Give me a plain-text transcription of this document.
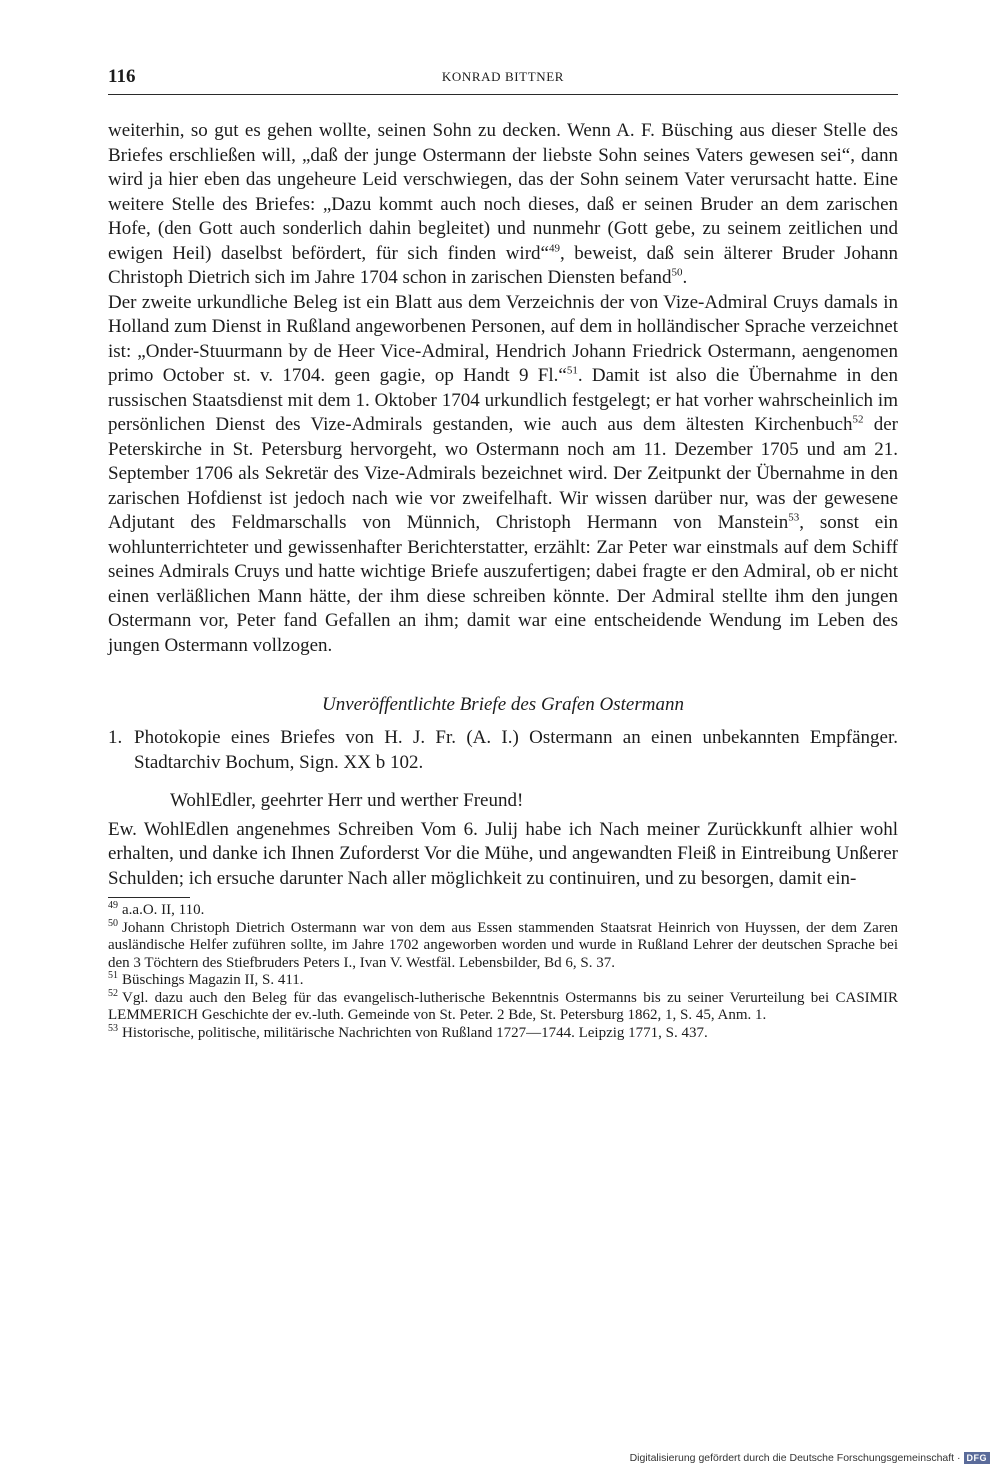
116	KONRAD BITTNER

weiterhin, so gut es gehen wollte, seinen Sohn zu decken. Wenn A. F. Büsching aus dieser Stelle des Briefes erschließen will, „daß der junge Ostermann der liebste Sohn seines Vaters gewesen sei“, dann wird ja hier eben das ungeheure Leid verschwiegen, das der Sohn seinem Vater verursacht hatte. Eine weitere Stelle des Briefes: „Dazu kommt auch noch dieses, daß er seinen Bruder an dem zarischen Hofe, (den Gott auch sonderlich dahin begleitet) und nunmehr (Gott gebe, zu seinem zeitlichen und ewigen Heil) daselbst befördert, für sich finden wird“$^{49}$, beweist, daß sein älterer Bruder Johann Christoph Dietrich sich im Jahre 1704 schon in zarischen Diensten befand$^{50}$.

Der zweite urkundliche Beleg ist ein Blatt aus dem Verzeichnis der von Vize-Admiral Cruys damals in Holland zum Dienst in Rußland angeworbenen Personen, auf dem in holländischer Sprache verzeichnet ist: „Onder-Stuurmann by de Heer Vice-Admiral, Hendrich Johann Friedrick Ostermann, aengenomen primo October st. v. 1704. geen gagie, op Handt 9 Fl.“$^{51}$. Damit ist also die Übernahme in den russischen Staatsdienst mit dem 1. Oktober 1704 urkundlich festgelegt; er hat vorher wahrscheinlich im persönlichen Dienst des Vize-Admirals gestanden, wie auch aus dem ältesten Kirchenbuch$^{52}$ der Peterskirche in St. Petersburg hervorgeht, wo Ostermann noch am 11. Dezember 1705 und am 21. September 1706 als Sekretär des Vize-Admirals bezeichnet wird. Der Zeitpunkt der Übernahme in den zarischen Hofdienst ist jedoch nach wie vor zweifelhaft. Wir wissen darüber nur, was der gewesene Adjutant des Feldmarschalls von Münnich, Christoph Hermann von Manstein$^{53}$, sonst ein wohlunterrichteter und gewissenhafter Berichterstatter, erzählt: Zar Peter war einstmals auf dem Schiff seines Admirals Cruys und hatte wichtige Briefe auszufertigen; dabei fragte er den Admiral, ob er nicht einen verläßlichen Mann hätte, der ihm diese schreiben könnte. Der Admiral stellte ihm den jungen Ostermann vor, Peter fand Gefallen an ihm; damit war eine entscheidende Wendung im Leben des jungen Ostermann vollzogen.

Unveröffentlichte Briefe des Grafen Ostermann
1. Photokopie eines Briefes von H. J. Fr. (A. I.) Ostermann an einen unbekannten Empfänger. Stadtarchiv Bochum, Sign. XX b 102.
WohlEdler, geehrter Herr und werther Freund!

Ew. WohlEdlen angenehmes Schreiben Vom 6. Julij habe ich Nach meiner Zurückkunft alhier wohl erhalten, und danke ich Ihnen Zuforderst Vor die Mühe, und angewandten Fleiß in Eintreibung Unßerer Schulden; ich ersuche darunter Nach aller möglichkeit zu continuiren, und zu besorgen, damit ein-

$^{49}$ a.a.O. II, 110.

$^{50}$ Johann Christoph Dietrich Ostermann war von dem aus Essen stammenden Staatsrat Heinrich von Huyssen, der dem Zaren ausländische Helfer zuführen sollte, im Jahre 1702 angeworben worden und wurde in Rußland Lehrer der deutschen Sprache bei den 3 Töchtern des Stiefbruders Peters I., Ivan V. Westfäl. Lebensbilder, Bd 6, S. 37.

$^{51}$ Büschings Magazin II, S. 411.

$^{52}$ Vgl. dazu auch den Beleg für das evangelisch-lutherische Bekenntnis Ostermanns bis zu seiner Verurteilung bei CASIMIR LEMMERICH Geschichte der ev.-luth. Gemeinde von St. Peter. 2 Bde, St. Petersburg 1862, 1, S. 45, Anm. 1.

$^{53}$ Historische, politische, militärische Nachrichten von Rußland 1727—1744. Leipzig 1771, S. 437.

Digitalisierung gefördert durch die Deutsche Forschungsgemeinschaft · DFG
